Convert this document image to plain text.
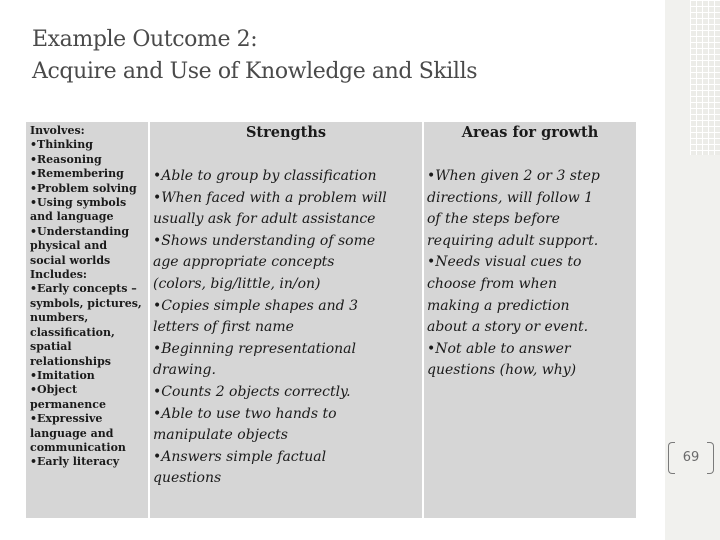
Example Outcome 2:
Acquire and Use of Knowledge and Skills
Involves:
•Thinking
•Reasoning
•Remembering
•Problem solving
•Using symbols
and language
•Understanding
physical and
social worlds
Includes:
•Early concepts –
symbols, pictures,
numbers,
classification,
spatial
relationships
•Imitation
•Object
permanence
•Expressive
language and
communication
•Early literacy
Strengths
•Able to group by classification
•When faced with a problem will
usually ask for adult assistance
•Shows understanding of some
age appropriate concepts
(colors, big/little, in/on)
•Copies simple shapes and 3
letters of first name
•Beginning representational
drawing.
•Counts 2 objects correctly.
•Able to use two hands to
manipulate objects
•Answers simple factual
questions
Areas for growth
•When given 2 or 3 step
directions, will follow 1
of the steps before
requiring adult support.
•Needs visual cues to
choose from when
making a prediction
about a story or event.
•Not able to answer
questions (how, why)
69
